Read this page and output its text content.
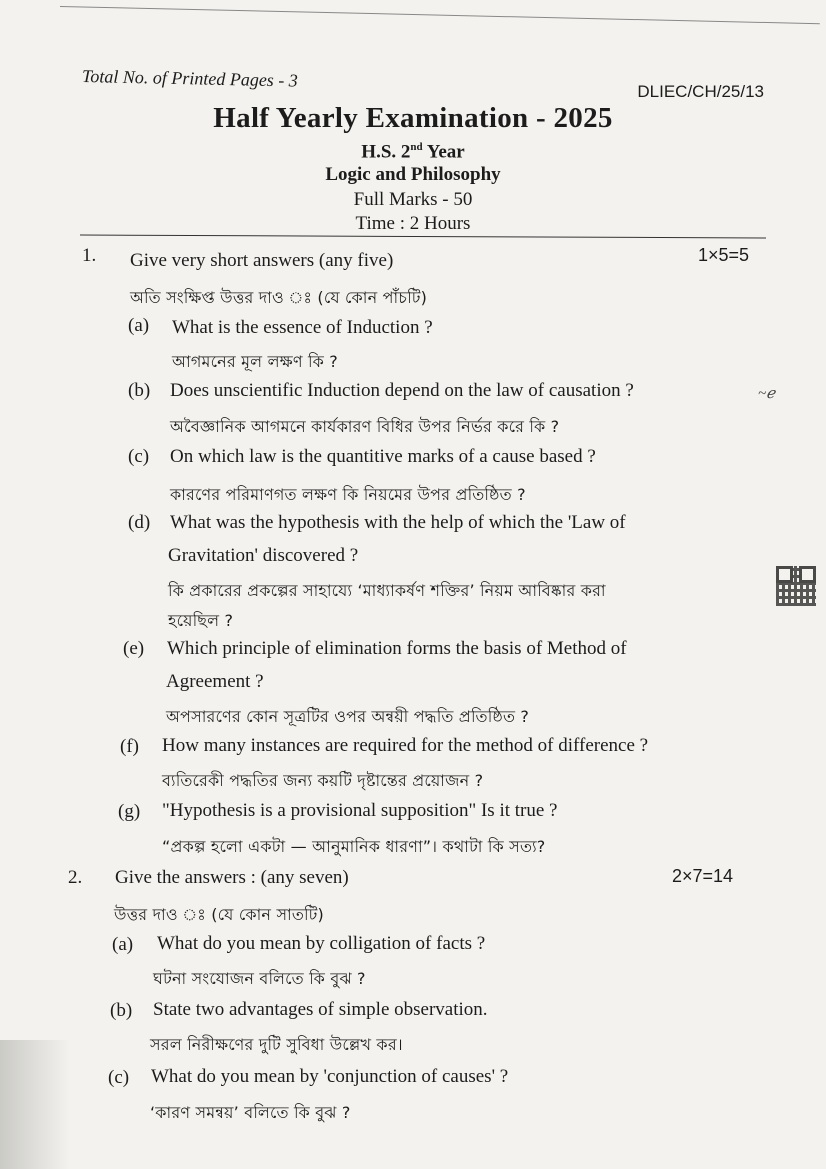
Total No. of Printed Pages - 3
DLIEC/CH/25/13
Half Yearly Examination - 2025
H.S. 2nd Year
Logic and Philosophy
Full Marks - 50
Time : 2 Hours
1. Give very short answers (any five)	1×5=5
অতি সংক্ষিপ্ত উত্তর দাও ঃ (যে কোন পাঁচটি)
(a) What is the essence of Induction ?
আগমনের মূল লক্ষণ কি ?
(b) Does unscientific Induction depend on the law of causation ?	~ℯ
অবৈজ্ঞানিক আগমনে কার্যকারণ বিধির উপর নির্ভর করে কি ?
(c) On which law is the quantitive marks of a cause based ?
কারণের পরিমাণগত লক্ষণ কি নিয়মের উপর প্রতিষ্ঠিত ?
(d) What was the hypothesis with the help of which the 'Law of
Gravitation' discovered ?
কি প্রকারের প্রকল্পের সাহায্যে ‘মাধ্যাকর্ষণ শক্তির’ নিয়ম আবিষ্কার করা
হয়েছিল ?
(e) Which principle of elimination forms the basis of Method of
Agreement ?
অপসারণের কোন সূত্রটির ওপর অন্বয়ী পদ্ধতি প্রতিষ্ঠিত ?
(f) How many instances are required for the method of difference ?
ব্যতিরেকী পদ্ধতির জন্য কয়টি দৃষ্টান্তের প্রয়োজন ?
(g) "Hypothesis is a provisional supposition" Is it true ?
“প্রকল্প হলো একটা — আনুমানিক ধারণা”। কথাটা কি সত্য?
2. Give the answers : (any seven)	2×7=14
উত্তর দাও ঃ (যে কোন সাতটি)
(a) What do you mean by colligation of facts ?
ঘটনা সংযোজন বলিতে কি বুঝ ?
(b) State two advantages of simple observation.
সরল নিরীক্ষণের দুটি সুবিধা উল্লেখ কর।
(c) What do you mean by 'conjunction of causes' ?
‘কারণ সমন্বয়’ বলিতে কি বুঝ ?
